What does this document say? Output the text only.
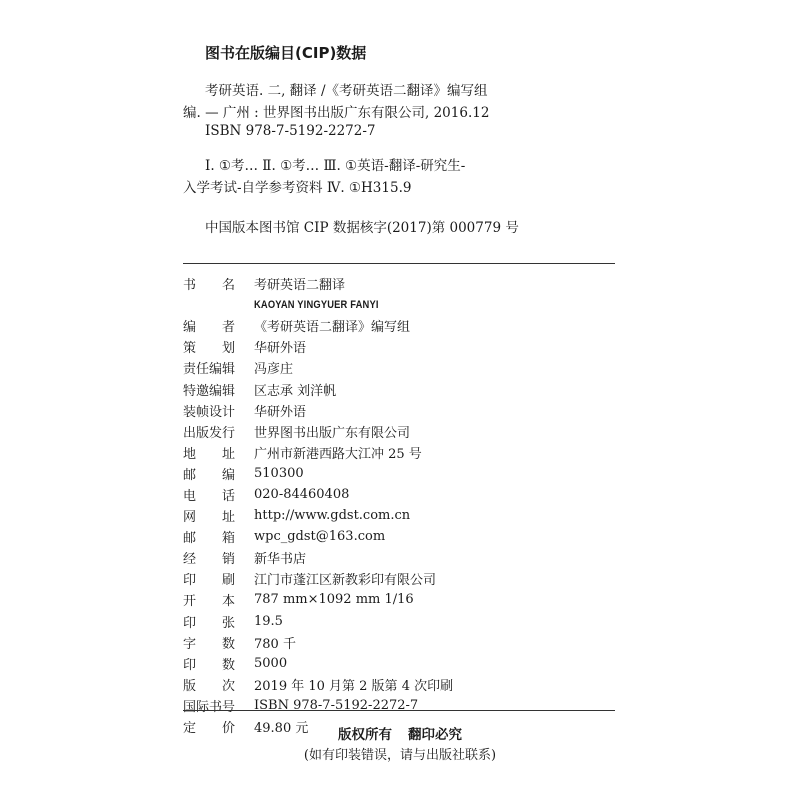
图书在版编目(CIP)数据
考研英语. 二, 翻译 /《考研英语二翻译》编写组
编. — 广州 : 世界图书出版广东有限公司, 2016.12
ISBN 978-7-5192-2272-7
Ⅰ. ①考… Ⅱ. ①考… Ⅲ. ①英语-翻译-研究生-
入学考试-自学参考资料 Ⅳ. ①H315.9
中国版本图书馆 CIP 数据核字(2017)第 000779 号
书 名 考研英语二翻译
KAOYAN YINGYUER FANYI
编 者 《考研英语二翻译》编写组
策 划 华研外语
责任编辑 冯彦庄
特邀编辑 区志承 刘洋帆
装帧设计 华研外语
出版发行 世界图书出版广东有限公司
地 址 广州市新港西路大江冲 25 号
邮 编 510300
电 话 020-84460408
网 址 http://www.gdst.com.cn
邮 箱 wpc_gdst@163.com
经 销 新华书店
印 刷 江门市蓬江区新教彩印有限公司
开 本 787 mm×1092 mm 1/16
印 张 19.5
字 数 780 千
印 数 5000
版 次 2019 年 10 月第 2 版第 4 次印刷
国际书号 ISBN 978-7-5192-2272-7
定 价 49.80 元	版权所有 翻印必究
(如有印装错误，请与出版社联系)
